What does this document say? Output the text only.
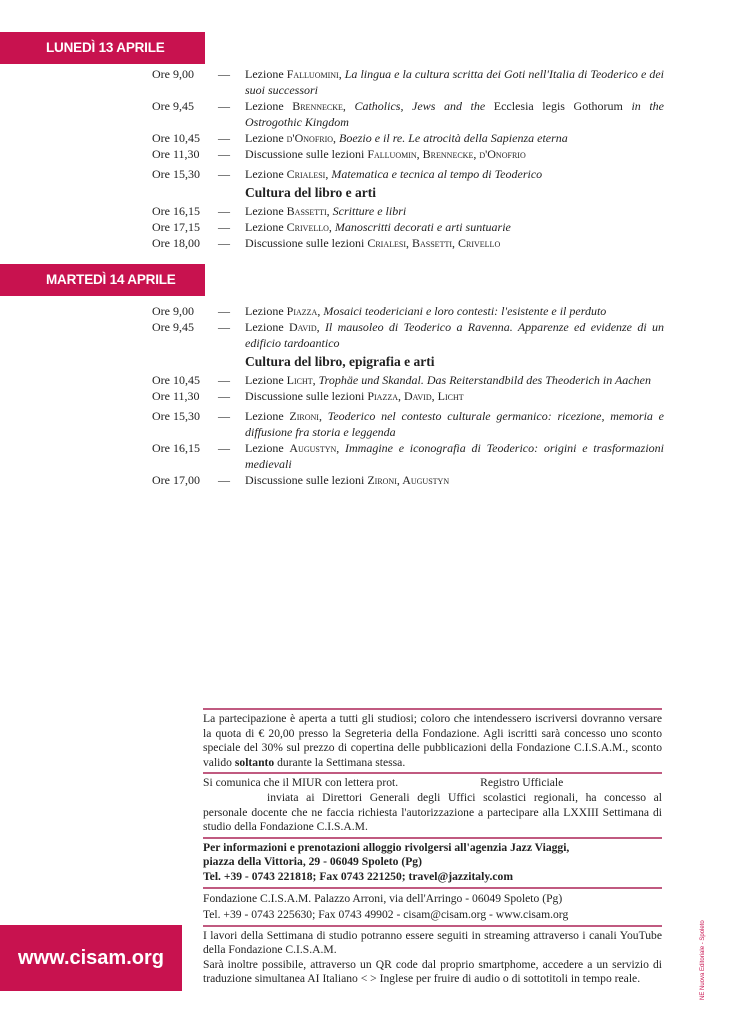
LUNEDÌ 13 APRILE
Ore 9,00	—	Lezione Falluomini, La lingua e la cultura scritta dei Goti nell'Italia di Teoderico e dei suoi successori
Ore 9,45	—	Lezione Brennecke, Catholics, Jews and the Ecclesia legis Gothorum in the Ostrogothic Kingdom
Ore 10,45	—	Lezione d'Onofrio, Boezio e il re. Le atrocità della Sapienza eterna
Ore 11,30	—	Discussione sulle lezioni Falluomin, Brennecke, d'Onofrio
Ore 15,30	—	Lezione Crialesi, Matematica e tecnica al tempo di Teoderico
Cultura del libro e arti
Ore 16,15	—	Lezione Bassetti, Scritture e libri
Ore 17,15	—	Lezione Crivello, Manoscritti decorati e arti suntuarie
Ore 18,00	—	Discussione sulle lezioni Crialesi, Bassetti, Crivello
MARTEDÌ 14 APRILE
Ore 9,00	—	Lezione Piazza, Mosaici teodericiani e loro contesti: l'esistente e il perduto
Ore 9,45	—	Lezione David, Il mausoleo di Teoderico a Ravenna. Apparenze ed evidenze di un edificio tardoantico
Cultura del libro, epigrafia e arti
Ore 10,45	—	Lezione Licht, Trophäe und Skandal. Das Reiterstandbild des Theoderich in Aachen
Ore 11,30	—	Discussione sulle lezioni Piazza, David, Licht
Ore 15,30	—	Lezione Zironi, Teoderico nel contesto culturale germanico: ricezione, memoria e diffusione fra storia e leggenda
Ore 16,15	—	Lezione Augustyn, Immagine e iconografia di Teoderico: origini e trasformazioni medievali
Ore 17,00	—	Discussione sulle lezioni Zironi, Augustyn

La partecipazione è aperta a tutti gli studiosi; coloro che intendessero iscriversi dovranno versare la quota di € 20,00 presso la Segreteria della Fondazione. Agli iscritti sarà concesso uno sconto speciale del 30% sul prezzo di copertina delle pubblicazioni della Fondazione C.I.S.A.M., sconto valido soltanto durante la Settimana stessa.

Si comunica che il MIUR con lettera prot.	Registro Ufficiale
inviata ai Direttori Generali degli Uffici scolastici regionali, ha concesso al personale docente che ne faccia richiesta l'autorizzazione a partecipare alla LXXIII Settimana di studio della Fondazione C.I.S.A.M.

Per informazioni e prenotazioni alloggio rivolgersi all'agenzia Jazz Viaggi,
piazza della Vittoria, 29 - 06049 Spoleto (Pg)
Tel. +39 - 0743 221818; Fax 0743 221250; travel@jazzitaly.com

Fondazione C.I.S.A.M. Palazzo Arroni, via dell'Arringo - 06049 Spoleto (Pg)
Tel. +39 - 0743 225630; Fax 0743 49902 - cisam@cisam.org - www.cisam.org

I lavori della Settimana di studio potranno essere seguiti in streaming attraverso i canali YouTube della Fondazione C.I.S.A.M.
Sarà inoltre possibile, attraverso un QR code dal proprio smartphome, accedere a un servizio di traduzione simultanea AI Italiano < > Inglese per fruire di audio o di sottotitoli in tempo reale.

www.cisam.org	NE Nuova Editoriale - Spoleto
